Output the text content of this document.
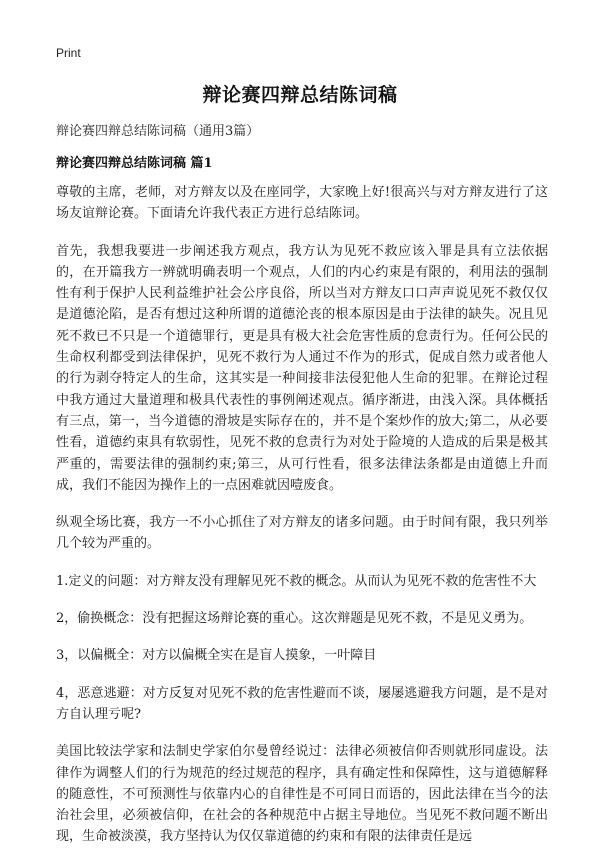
Print
辩论赛四辩总结陈词稿
辩论赛四辩总结陈词稿（通用3篇）
辩论赛四辩总结陈词稿 篇1

尊敬的主席，老师，对方辩友以及在座同学，大家晚上好!很高兴与对方辩友进行了这场友谊辩论赛。下面请允许我代表正方进行总结陈词。

首先，我想我要进一步阐述我方观点，我方认为见死不救应该入罪是具有立法依据的，在开篇我方一辨就明确表明一个观点，人们的内心约束是有限的，利用法的强制性有利于保护人民利益维护社会公序良俗，所以当对方辩友口口声声说见死不救仅仅是道德沦陷，是否有想过这种所谓的道德沦丧的根本原因是由于法律的缺失。况且见死不救已不只是一个道德罪行，更是具有极大社会危害性质的怠责行为。任何公民的生命权利都受到法律保护，见死不救行为人通过不作为的形式，促成自然力或者他人的行为剥夺特定人的生命，这其实是一种间接非法侵犯他人生命的犯罪。在辩论过程中我方通过大量道理和极具代表性的事例阐述观点。循序渐进，由浅入深。具体概括有三点，第一，当今道德的滑坡是实际存在的，并不是个案炒作的放大;第二，从必要性看，道德约束具有软弱性，见死不救的怠责行为对处于险境的人造成的后果是极其严重的，需要法律的强制约束;第三，从可行性看，很多法律法条都是由道德上升而成，我们不能因为操作上的一点困难就因噎废食。

纵观全场比赛，我方一不小心抓住了对方辩友的诸多问题。由于时间有限，我只列举几个较为严重的。

1.定义的问题：对方辩友没有理解见死不救的概念。从而认为见死不救的危害性不大

2，偷换概念：没有把握这场辩论赛的重心。这次辩题是见死不救，不是见义勇为。

3，以偏概全：对方以偏概全实在是盲人摸象，一叶障目

4，恶意逃避：对方反复对见死不救的危害性避而不谈，屡屡逃避我方问题，是不是对方自认理亏呢?

美国比较法学家和法制史学家伯尔曼曾经说过：法律必须被信仰否则就形同虚设。法律作为调整人们的行为规范的经过规范的程序，具有确定性和保障性，这与道德解释的随意性，不可预测性与依靠内心的自律性是不可同日而语的，因此法律在当今的法治社会里，必须被信仰，在社会的各种规范中占据主导地位。当见死不救问题不断出现，生命被淡漠，我方坚持认为仅仅靠道德的约束和有限的法律责任是远
